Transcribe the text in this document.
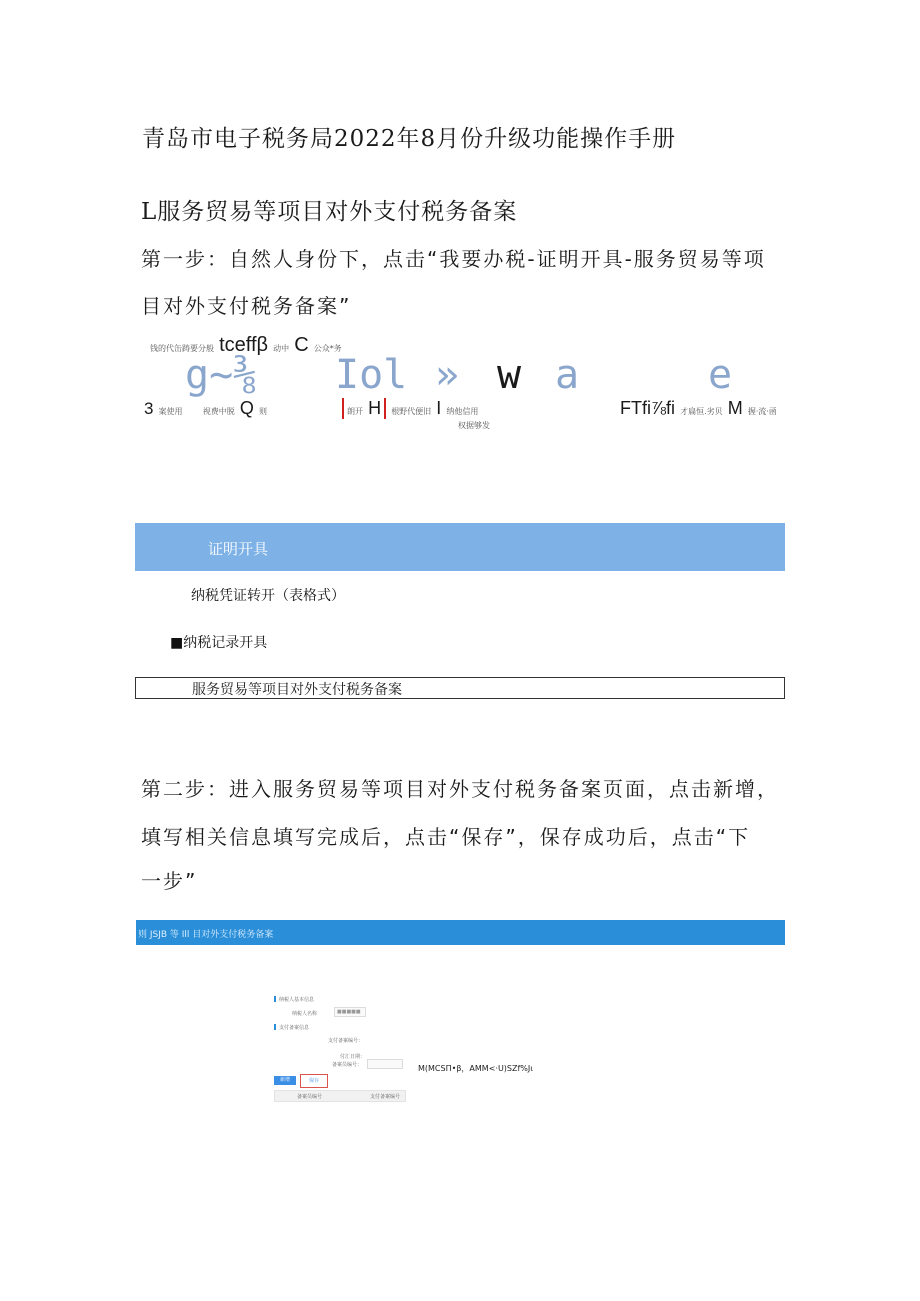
青岛市电子税务局2022年8月份升级功能操作手册
L服务贸易等项目对外支付税务备案
第一步：自然人身份下，点击“我要办税-证明开具-服务贸易等项
目对外支付税务备案”
钱的代缶踌要分般 tceffβ 动中 C 公众*务
g~⅜ Iol » w a	e
3 案使用	视费中脱 Q 则	朗开 H 根野代便旧 I 纳他信用
权据够发
FTfi⅞fi 才扁恒.劣贝 M 握·流·函
证明开具
纳税凭证转开（表格式）
■纳税记录开具
服务贸易等项目对外支付税务备案
第二步：进入服务贸易等项目对外支付税务备案页面，点击新增，
填写相关信息填写完成后，点击“保存”，保存成功后，点击“下
一步”
则 JSJB 等 Ill 目对外支付税务备案
纳税人基本信息
纳税人名称	■■■■■
支付备案信息
支付备案编号：
付汇日期：
备案员编号：
新增	保存
备案员编号	支付备案编号
M(MCSΠ•β，AMM<·U)SZf%Jι
